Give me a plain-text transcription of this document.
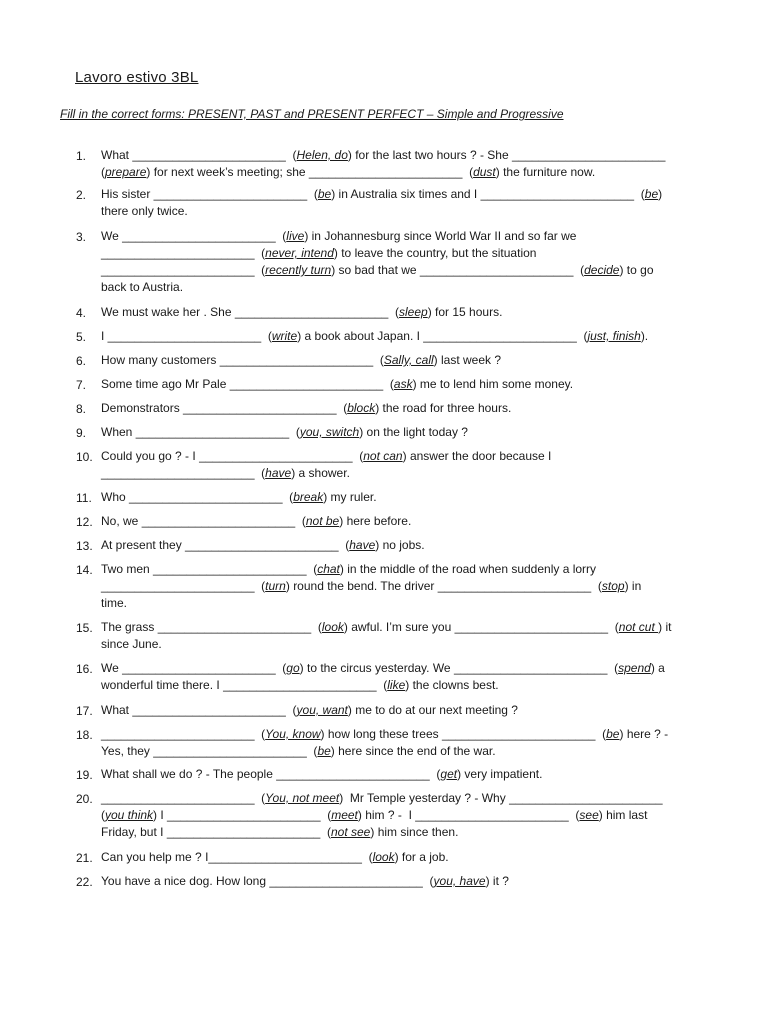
Lavoro estivo 3BL
Fill in the correct forms: PRESENT, PAST and PRESENT PERFECT – Simple and Progressive
1.	What _______________________  (Helen, do) for the last two hours ? - She _______________________
(prepare) for next week’s meeting; she _______________________  (dust) the furniture now.
2.	His sister _______________________  (be) in Australia six times and I _______________________  (be)
there only twice.
3.	We _______________________  (live) in Johannesburg since World War II and so far we
_______________________  (never, intend) to leave the country, but the situation
_______________________  (recently turn) so bad that we _______________________  (decide) to go
back to Austria.
4.	We must wake her . She _______________________  (sleep) for 15 hours.
5.	I _______________________  (write) a book about Japan. I _______________________  (just, finish).
6.	How many customers _______________________  (Sally, call) last week ?
7.	Some time ago Mr Pale _______________________  (ask) me to lend him some money.
8.	Demonstrators _______________________  (block) the road for three hours.
9.	When _______________________  (you, switch) on the light today ?
10. Could you go ? - I _______________________  (not can) answer the door because I
_______________________  (have) a shower.
11. Who _______________________  (break) my ruler.
12. No, we _______________________  (not be) here before.
13. At present they _______________________  (have) no jobs.
14. Two men _______________________  (chat) in the middle of the road when suddenly a lorry
_______________________  (turn) round the bend. The driver _______________________  (stop) in
time.
15. The grass _______________________  (look) awful. I’m sure you _______________________  (not cut ) it
since June.
16. We _______________________  (go) to the circus yesterday. We _______________________  (spend) a
wonderful time there. I _______________________  (like) the clowns best.
17. What _______________________  (you, want) me to do at our next meeting ?
18. _______________________  (You, know) how long these trees _______________________  (be) here ? -
Yes, they _______________________  (be) here since the end of the war.
19. What shall we do ? - The people _______________________  (get) very impatient.
20. _______________________  (You, not meet)  Mr Temple yesterday ? - Why _______________________
(you think) I _______________________  (meet) him ? -  I _______________________  (see) him last
Friday, but I _______________________  (not see) him since then.
21. Can you help me ? I_______________________  (look) for a job.
22. You have a nice dog. How long _______________________  (you, have) it ?
